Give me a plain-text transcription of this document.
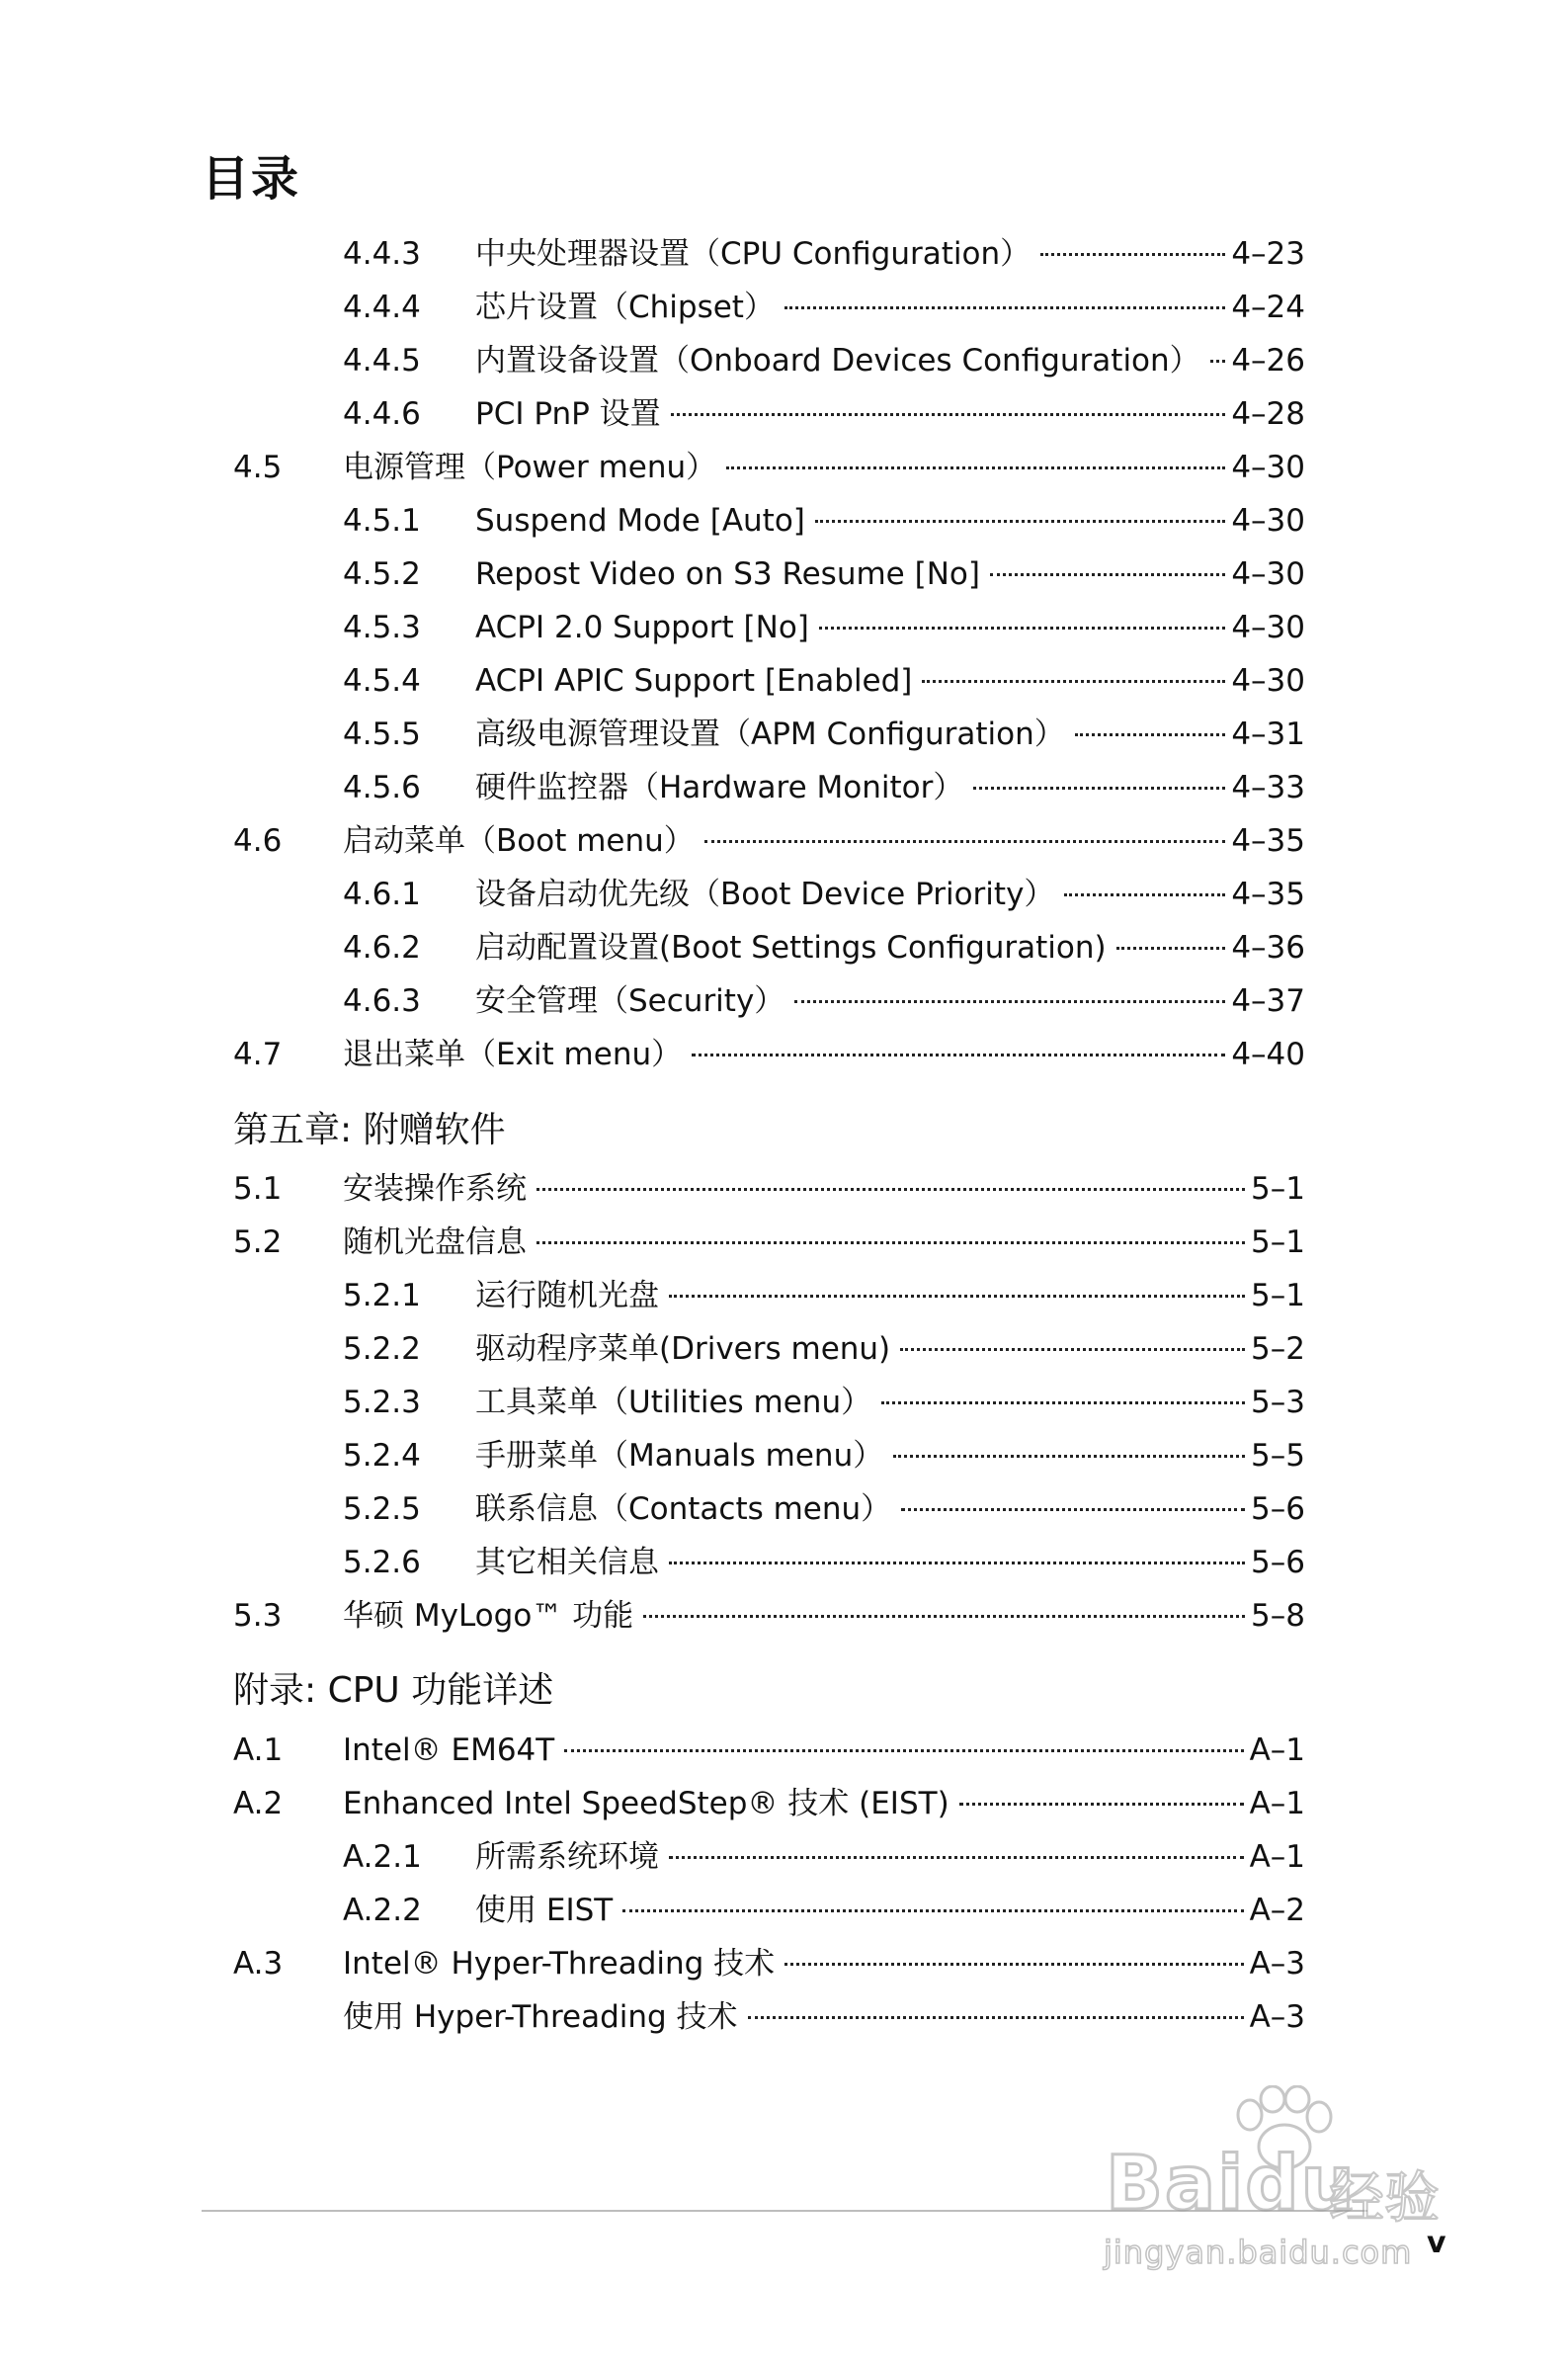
目录
4.4.3 中央处理器设置（CPU Configuration）	4–23
4.4.4 芯片设置（Chipset）	4–24
4.4.5 内置设备设置（Onboard Devices Configuration） 4–26
4.4.6 PCI PnP 设置	4–28
4.5 电源管理（Power menu）	4–30
4.5.1 Suspend Mode [Auto]	4–30
4.5.2 Repost Video on S3 Resume [No]	4–30
4.5.3 ACPI 2.0 Support [No]	4–30
4.5.4 ACPI APIC Support [Enabled]	4–30
4.5.5 高级电源管理设置（APM Configuration）	4–31
4.5.6 硬件监控器（Hardware Monitor）	4–33
4.6 启动菜单（Boot menu）	4–35
4.6.1 设备启动优先级（Boot Device Priority）	4–35
4.6.2 启动配置设置(Boot Settings Configuration)	4–36
4.6.3 安全管理（Security）	4–37
4.7 退出菜单（Exit menu）	4–40
第五章: 附赠软件
5.1 安装操作系统	5–1
5.2 随机光盘信息	5–1
5.2.1 运行随机光盘	5–1
5.2.2 驱动程序菜单(Drivers menu)	5–2
5.2.3 工具菜单（Utilities menu）	5–3
5.2.4 手册菜单（Manuals menu）	5–5
5.2.5 联系信息（Contacts menu）	5–6
5.2.6 其它相关信息	5–6
5.3 华硕 MyLogo™ 功能	5–8
附录: CPU 功能详述
A.1 Intel® EM64T	A–1
A.2 Enhanced Intel SpeedStep® 技术 (EIST)	A–1
A.2.1 所需系统环境	A–1
A.2.2 使用 EIST	A–2
A.3 Intel® Hyper-Threading 技术	A–3
使用 Hyper-Threading 技术	A–3
v
Baidu
经验
jingyan.baidu.com
